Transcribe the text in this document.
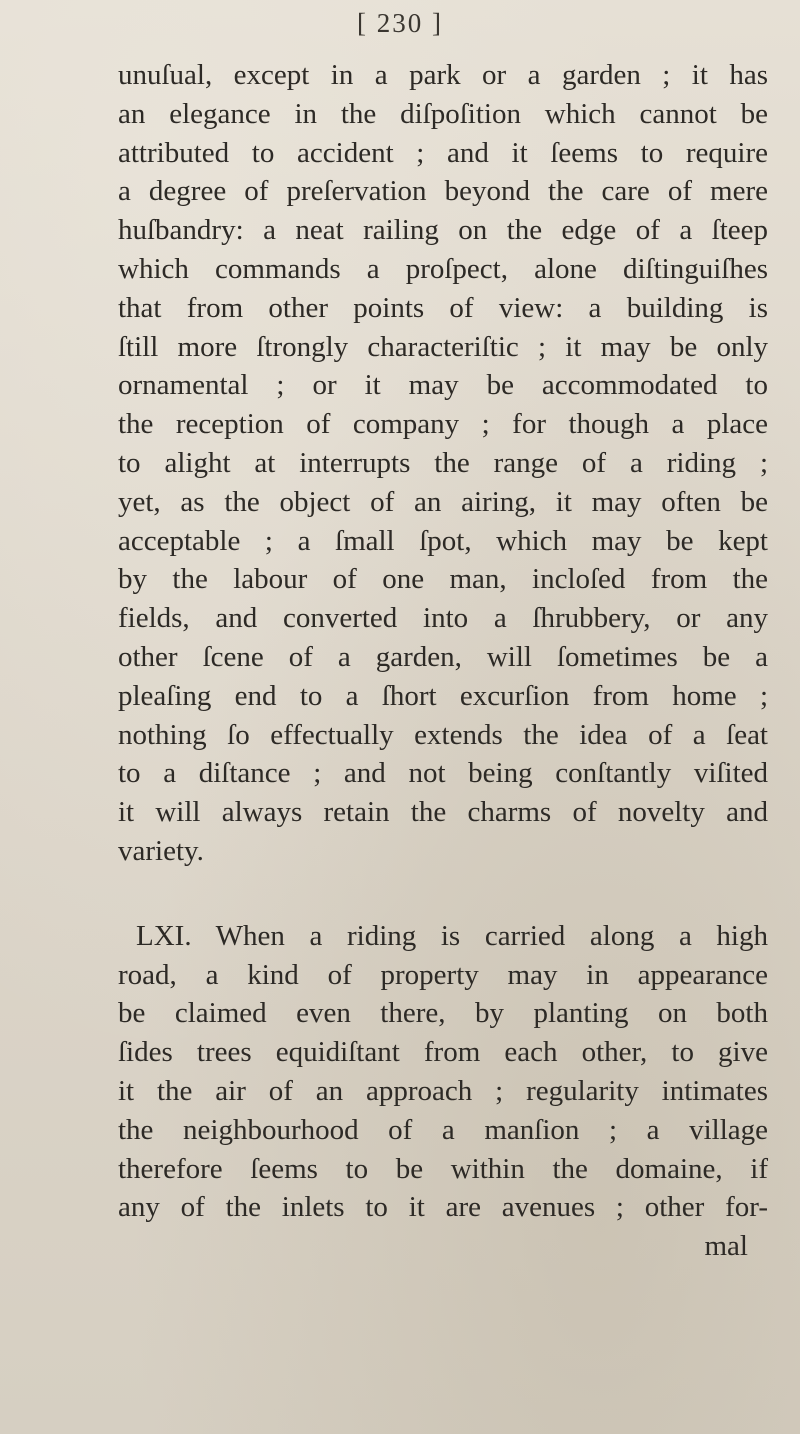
[ 230 ]
unuſual, except in a park or a garden ; it has
an elegance in the diſpoſition which cannot be
attributed to accident ; and it ſeems to require
a degree of preſervation beyond the care of mere
huſbandry: a neat railing on the edge of a ſteep
which commands a proſpect, alone diſtinguiſhes
that from other points of view: a building is
ſtill more ſtrongly characteriſtic ; it may be only
ornamental ; or it may be accommodated to
the reception of company ; for though a place
to alight at interrupts the range of a riding ;
yet, as the object of an airing, it may often be
acceptable ; a ſmall ſpot, which may be kept
by the labour of one man, incloſed from the
fields, and converted into a ſhrubbery, or any
other ſcene of a garden, will ſometimes be a
pleaſing end to a ſhort excurſion from home ;
nothing ſo effectually extends the idea of a ſeat
to a diſtance ; and not being conſtantly viſited
it will always retain the charms of novelty and
variety.
LXI. When a riding is carried along a high
road, a kind of property may in appearance
be claimed even there, by planting on both
ſides trees equidiſtant from each other, to give
it the air of an approach ; regularity intimates
the neighbourhood of a manſion ; a village
therefore ſeems to be within the domaine, if
any of the inlets to it are avenues ; other for-
mal
